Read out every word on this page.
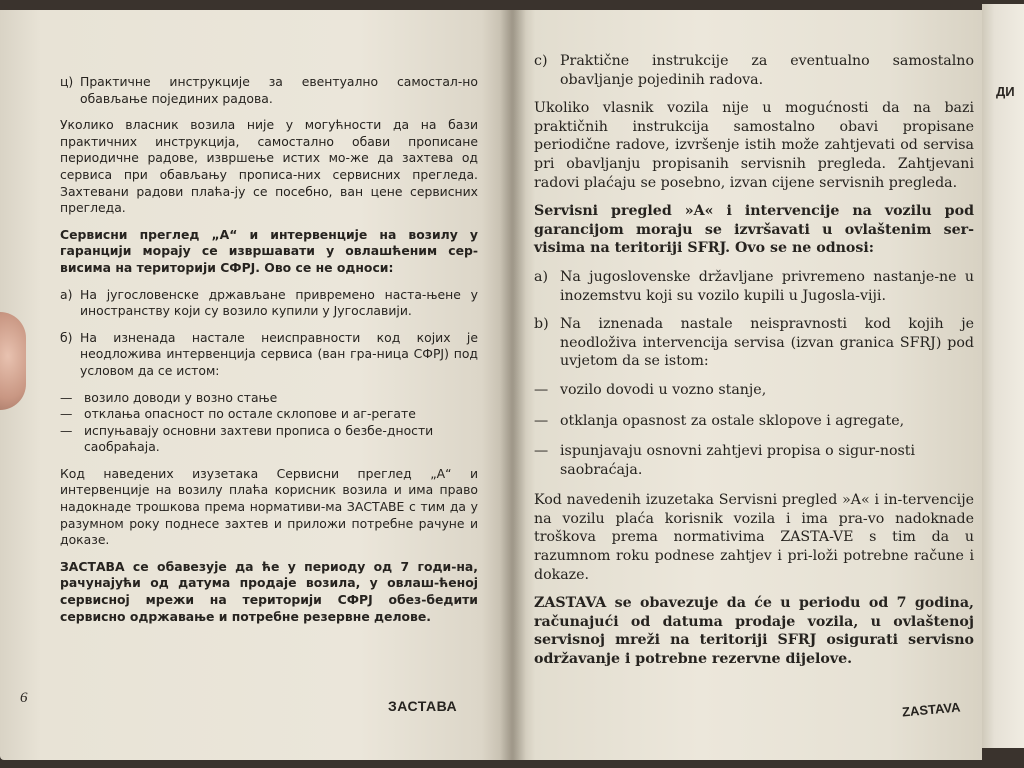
ц) Практичне инструкције за евентуално самостал-но обављање појединих радова.

Уколико власник возила није у могућности да на бази практичних инструкција, самостално обави прописане периодичне радове, извршење истих мо-же да захтева од сервиса при обављању прописа-них сервисних прегледа. Захтевани радови плаћа-ју се посебно, ван цене сервисних прегледа.

Сервисни преглед „А“ и интервенције на возилу у гаранцији морају се извршавати у овлашћеним сер-висима на територији СФРЈ. Ово се не односи:

а) На југословенске држављане привремено наста-њене у иностранству који су возило купили у Југославији.
б) На изненада настале неисправности код којих је неодложива интервенција сервиса (ван гра-ница СФРЈ) под условом да се истом:
— возило доводи у возно стање
— отклања опасност по остале склопове и аг-регате
— испуњавају основни захтеви прописа о безбе-дности саобраћаја.

Код наведених изузетака Сервисни преглед „А“ и интервенције на возилу плаћа корисник возила и има право надокнаде трошкова према нормативи-ма ЗАСТАВЕ с тим да у разумном року поднесе захтев и приложи потребне рачуне и доказе.

ЗАСТАВА се обавезује да ће у периоду од 7 годи-на, рачунајући од датума продаје возила, у овлаш-ћеној сервисној мрежи на територији СФРЈ обез-бедити сервисно одржавање и потребне резервне делове.

6	ЗАСТАВА
c) Praktične instrukcije za eventualno samostalno obavljanje pojedinih radova.

Ukoliko vlasnik vozila nije u mogućnosti da na bazi praktičnih instrukcija samostalno obavi propisane periodične radove, izvršenje istih može zahtjevati od servisa pri obavljanju propisanih servisnih pregleda. Zahtjevani radovi plaćaju se posebno, izvan cijene servisnih pregleda.

Servisni pregled »A« i intervencije na vozilu pod garancijom moraju se izvršavati u ovlaštenim ser-visima na teritoriji SFRJ. Ovo se ne odnosi:

a) Na jugoslovenske državljane privremeno nastanje-ne u inozemstvu koji su vozilo kupili u Jugosla-viji.
b) Na iznenada nastale neispravnosti kod kojih je neodloživa intervencija servisa (izvan granica SFRJ) pod uvjetom da se istom:
— vozilo dovodi u vozno stanje,
— otklanja opasnost za ostale sklopove i agregate,
— ispunjavaju osnovni zahtjevi propisa o sigur-nosti saobraćaja.

Kod navedenih izuzetaka Servisni pregled »A« i in-tervencije na vozilu plaća korisnik vozila i ima pra-vo nadoknade troškova prema normativima ZASTA-VE s tim da u razumnom roku podnese zahtjev i pri-loži potrebne račune i dokaze.

ZASTAVA se obavezuje da će u periodu od 7 godina, računajući od datuma prodaje vozila, u ovlaštenoj servisnoj mreži na teritoriji SFRJ osigurati servisno održavanje i potrebne rezervne dijelove.

ZASTAVA
ДИ
